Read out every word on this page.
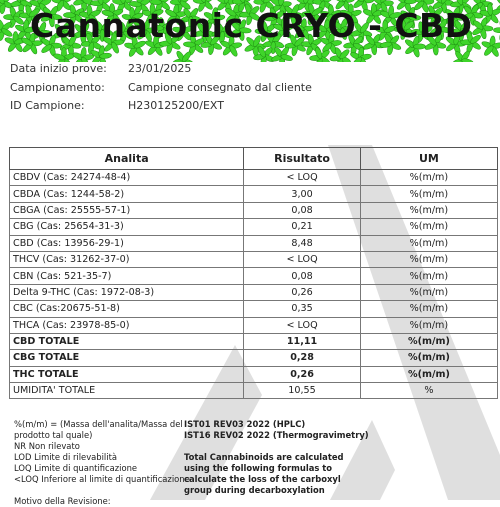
Cannatonic CRYO - CBD
Data inizio prove: 23/01/2025
Campionamento: Campione consegnato dal cliente
ID Campione:	H230125200/EXT
Analita	Risultato	UM
CBDV (Cas: 24274-48-4)	< LOQ	%(m/m)
CBDA (Cas: 1244-58-2)	3,00	%(m/m)
CBGA (Cas: 25555-57-1)	0,08	%(m/m)
CBG (Cas: 25654-31-3)	0,21	%(m/m)
CBD (Cas: 13956-29-1)	8,48	%(m/m)
THCV (Cas: 31262-37-0)	< LOQ	%(m/m)
CBN (Cas: 521-35-7)	0,08	%(m/m)
Delta 9-THC (Cas: 1972-08-3)	0,26	%(m/m)
CBC (Cas:20675-51-8)	0,35	%(m/m)
THCA (Cas: 23978-85-0)	< LOQ	%(m/m)
CBD TOTALE	11,11	%(m/m)
CBG TOTALE	0,28	%(m/m)
THC TOTALE	0,26	%(m/m)
UMIDITA' TOTALE	10,55	%
%(m/m) = (Massa dell'analita/Massa del
prodotto tal quale)
NR Non rilevato
LOD Limite di rilevabilità
LOQ Limite di quantificazione
<LOQ Inferiore al limite di quantificazione
Motivo della Revisione:
IST01 REV03 2022 (HPLC)
IST16 REV02 2022 (Thermogravimetry)
Total Cannabinoids are calculated
using the following formulas to
calculate the loss of the carboxyl
group during decarboxylation
